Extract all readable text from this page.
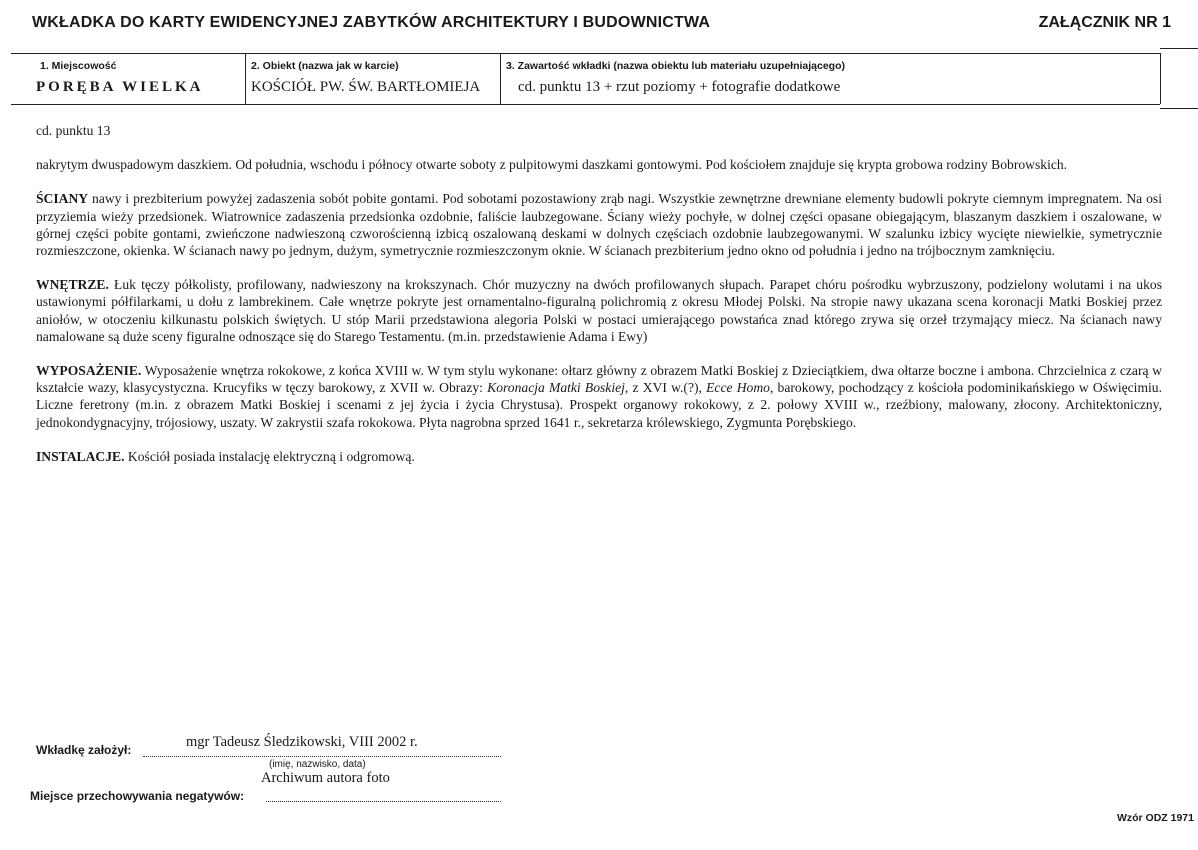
WKŁADKA DO KARTY EWIDENCYJNEJ ZABYTKÓW ARCHITEKTURY I BUDOWNICTWA	ZAŁĄCZNIK NR 1
1. Miejscowość
PORĘBA WIELKA
2. Obiekt (nazwa jak w karcie)
KOŚCIÓŁ PW. ŚW. BARTŁOMIEJA
3. Zawartość wkładki (nazwa obiektu lub materiału uzupełniającego)
cd. punktu 13 + rzut poziomy + fotografie dodatkowe

cd. punktu 13

nakrytym dwuspadowym daszkiem. Od południa, wschodu i północy otwarte soboty z pulpitowymi daszkami gontowymi. Pod kościołem znajduje się krypta grobowa rodziny Bobrowskich.

ŚCIANY nawy i prezbiterium powyżej zadaszenia sobót pobite gontami. Pod sobotami pozostawiony zrąb nagi. Wszystkie zewnętrzne drewniane elementy budowli pokryte ciemnym impregnatem. Na osi przyziemia wieży przedsionek. Wiatrownice zadaszenia przedsionka ozdobnie, faliście laubzegowane. Ściany wieży pochyłe, w dolnej części opasane obiegającym, blaszanym daszkiem i oszalowane, w górnej części pobite gontami, zwieńczone nadwieszoną czworościenną izbicą oszalowaną deskami w dolnych częściach ozdobnie laubzegowanymi. W szalunku izbicy wycięte niewielkie, symetrycznie rozmieszczone, okienka. W ścianach nawy po jednym, dużym, symetrycznie rozmieszczonym oknie. W ścianach prezbiterium jedno okno od południa i jedno na trójbocznym zamknięciu.

WNĘTRZE. Łuk tęczy półkolisty, profilowany, nadwieszony na krokszynach. Chór muzyczny na dwóch profilowanych słupach. Parapet chóru pośrodku wybrzuszony, podzielony wolutami i na ukos ustawionymi półfilarkami, u dołu z lambrekinem. Całe wnętrze pokryte jest ornamentalno-figuralną polichromią z okresu Młodej Polski. Na stropie nawy ukazana scena koronacji Matki Boskiej przez aniołów, w otoczeniu kilkunastu polskich świętych. U stóp Marii przedstawiona alegoria Polski w postaci umierającego powstańca znad którego zrywa się orzeł trzymający miecz. Na ścianach nawy namalowane są duże sceny figuralne odnoszące się do Starego Testamentu. (m.in. przedstawienie Adama i Ewy)

WYPOSAŻENIE. Wyposażenie wnętrza rokokowe, z końca XVIII w. W tym stylu wykonane: ołtarz główny z obrazem Matki Boskiej z Dzieciątkiem, dwa ołtarze boczne i ambona. Chrzcielnica z czarą w kształcie wazy, klasycystyczna. Krucyfiks w tęczy barokowy, z XVII w. Obrazy: Koronacja Matki Boskiej, z XVI w.(?), Ecce Homo, barokowy, pochodzący z kościoła podominikańskiego w Oświęcimiu. Liczne feretrony (m.in. z obrazem Matki Boskiej i scenami z jej życia i życia Chrystusa). Prospekt organowy rokokowy, z 2. połowy XVIII w., rzeźbiony, malowany, złocony. Architektoniczny, jednokondygnacyjny, trójosiowy, uszaty. W zakrystii szafa rokokowa. Płyta nagrobna sprzed 1641 r., sekretarza królewskiego, Zygmunta Porębskiego.

INSTALACJE. Kościół posiada instalację elektryczną i odgromową.

Wkładkę założył:	mgr Tadeusz Śledzikowski, VIII 2002 r.
(imię, nazwisko, data)
Archiwum autora foto
Miejsce przechowywania negatywów:
Wzór ODZ 1971
